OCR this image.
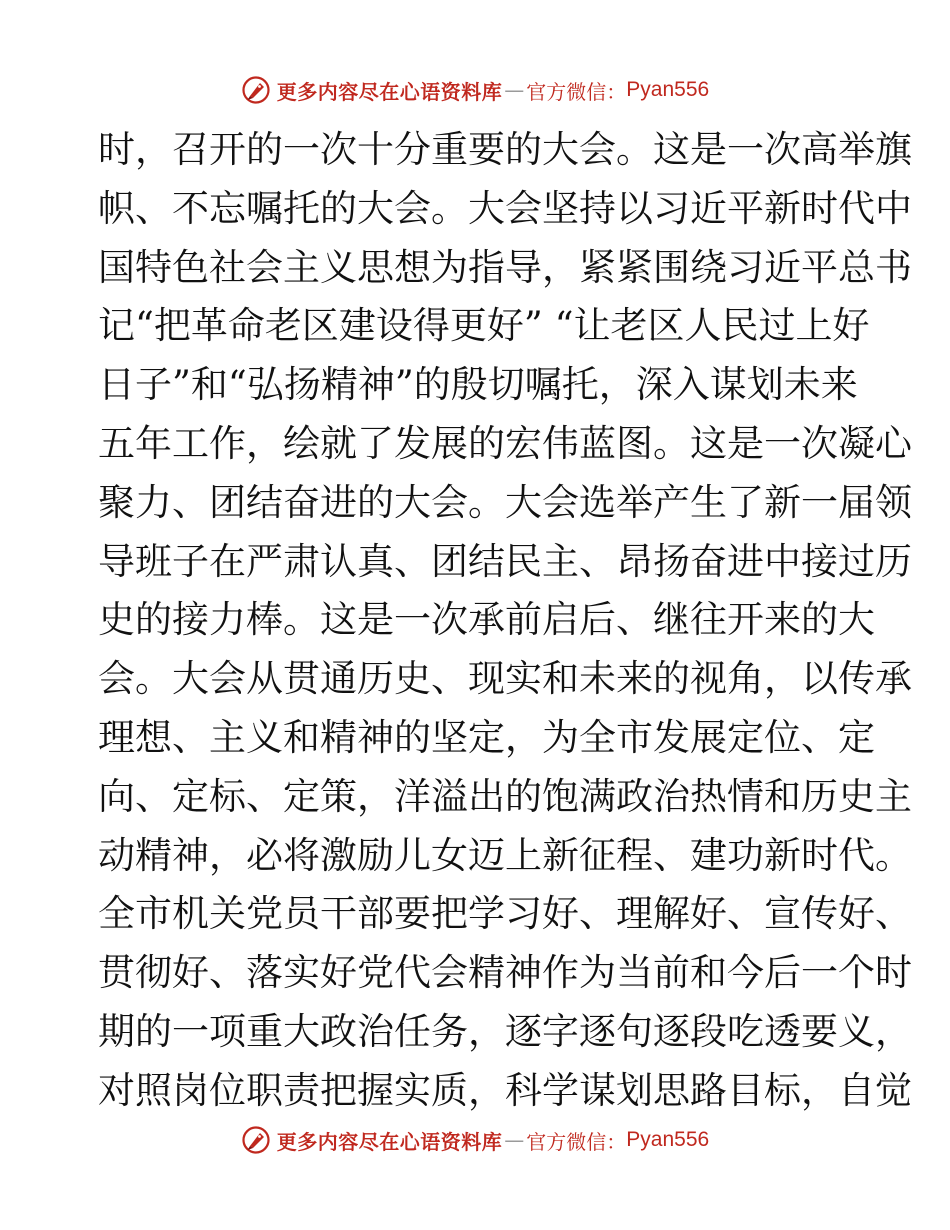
更多内容尽在心语资料库 — 官方微信： Pyan556
时，召开的一次十分重要的大会。这是一次高举旗
帜、不忘嘱托的大会。大会坚持以习近平新时代中
国特色社会主义思想为指导，紧紧围绕习近平总书
记“把革命老区建设得更好” “让老区人民过上好
日子”和“弘扬精神”的殷切嘱托，深入谋划未来
五年工作，绘就了发展的宏伟蓝图。这是一次凝心
聚力、团结奋进的大会。大会选举产生了新一届领
导班子在严肃认真、团结民主、昂扬奋进中接过历
史的接力棒。这是一次承前启后、继往开来的大
会。大会从贯通历史、现实和未来的视角，以传承
理想、主义和精神的坚定，为全市发展定位、定
向、定标、定策，洋溢出的饱满政治热情和历史主
动精神，必将激励儿女迈上新征程、建功新时代。
全市机关党员干部要把学习好、理解好、宣传好、
贯彻好、落实好党代会精神作为当前和今后一个时
期的一项重大政治任务，逐字逐句逐段吃透要义，
对照岗位职责把握实质，科学谋划思路目标，自觉
更多内容尽在心语资料库 — 官方微信： Pyan556
